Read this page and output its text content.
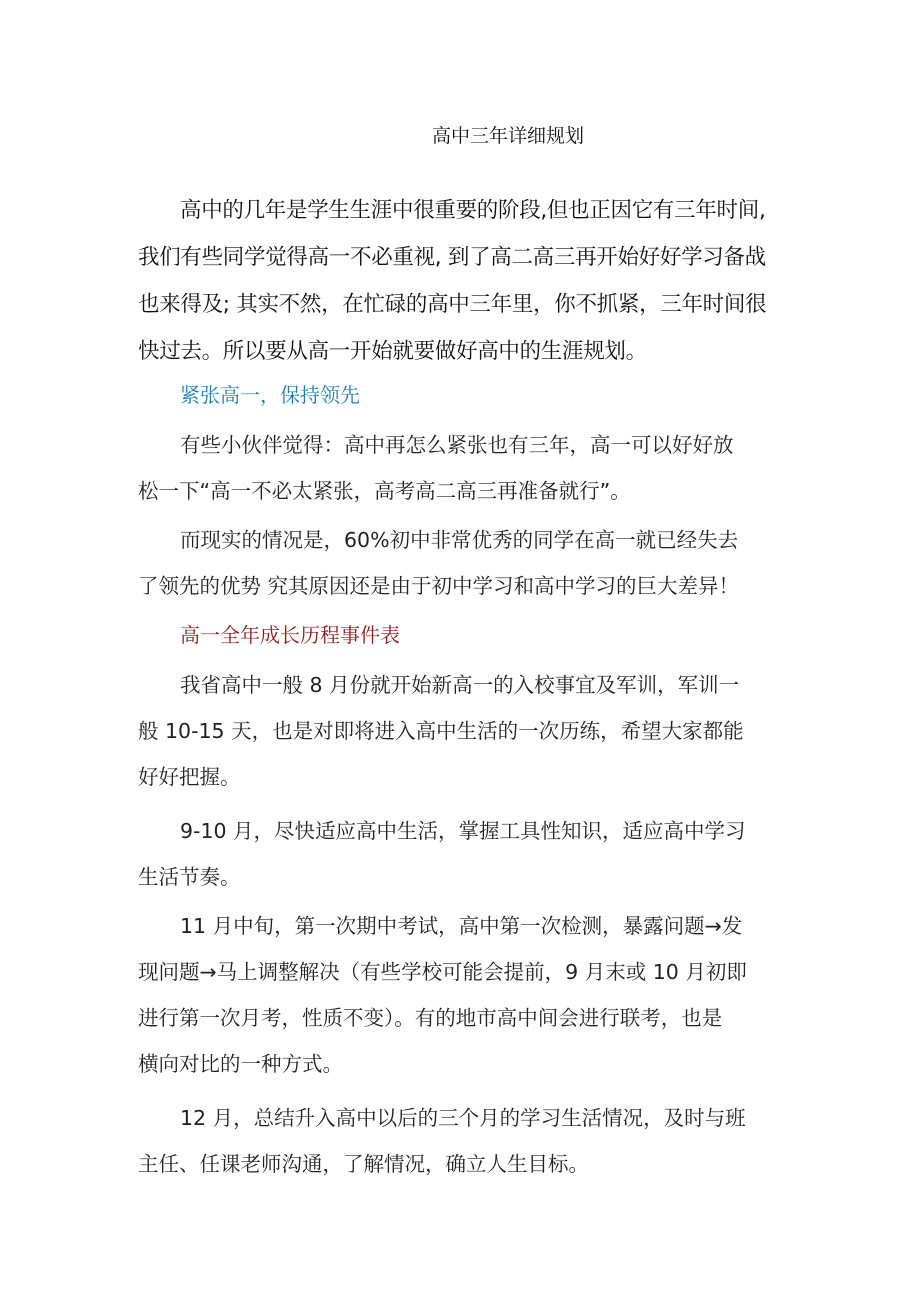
高中三年详细规划
高中的几年是学生生涯中很重要的阶段,但也正因它有三年时间,
我们有些同学觉得高一不必重视, 到了高二高三再开始好好学习备战
也来得及; 其实不然，在忙碌的高中三年里，你不抓紧，三年时间很
快过去。所以要从高一开始就要做好高中的生涯规划。
紧张高一，保持领先
有些小伙伴觉得：高中再怎么紧张也有三年，高一可以好好放
松一下“高一不必太紧张，高考高二高三再准备就行”。
而现实的情况是，60%初中非常优秀的同学在高一就已经失去
了领先的优势 究其原因还是由于初中学习和高中学习的巨大差异！
高一全年成长历程事件表
我省高中一般 8 月份就开始新高一的入校事宜及军训，军训一
般 10-15 天，也是对即将进入高中生活的一次历练，希望大家都能
好好把握。
9-10 月，尽快适应高中生活，掌握工具性知识，适应高中学习
生活节奏。
11 月中旬，第一次期中考试，高中第一次检测，暴露问题→发
现问题→马上调整解决（有些学校可能会提前，9 月末或 10 月初即
进行第一次月考，性质不变）。有的地市高中间会进行联考，也是
横向对比的一种方式。
12 月，总结升入高中以后的三个月的学习生活情况，及时与班
主任、任课老师沟通，了解情况，确立人生目标。
